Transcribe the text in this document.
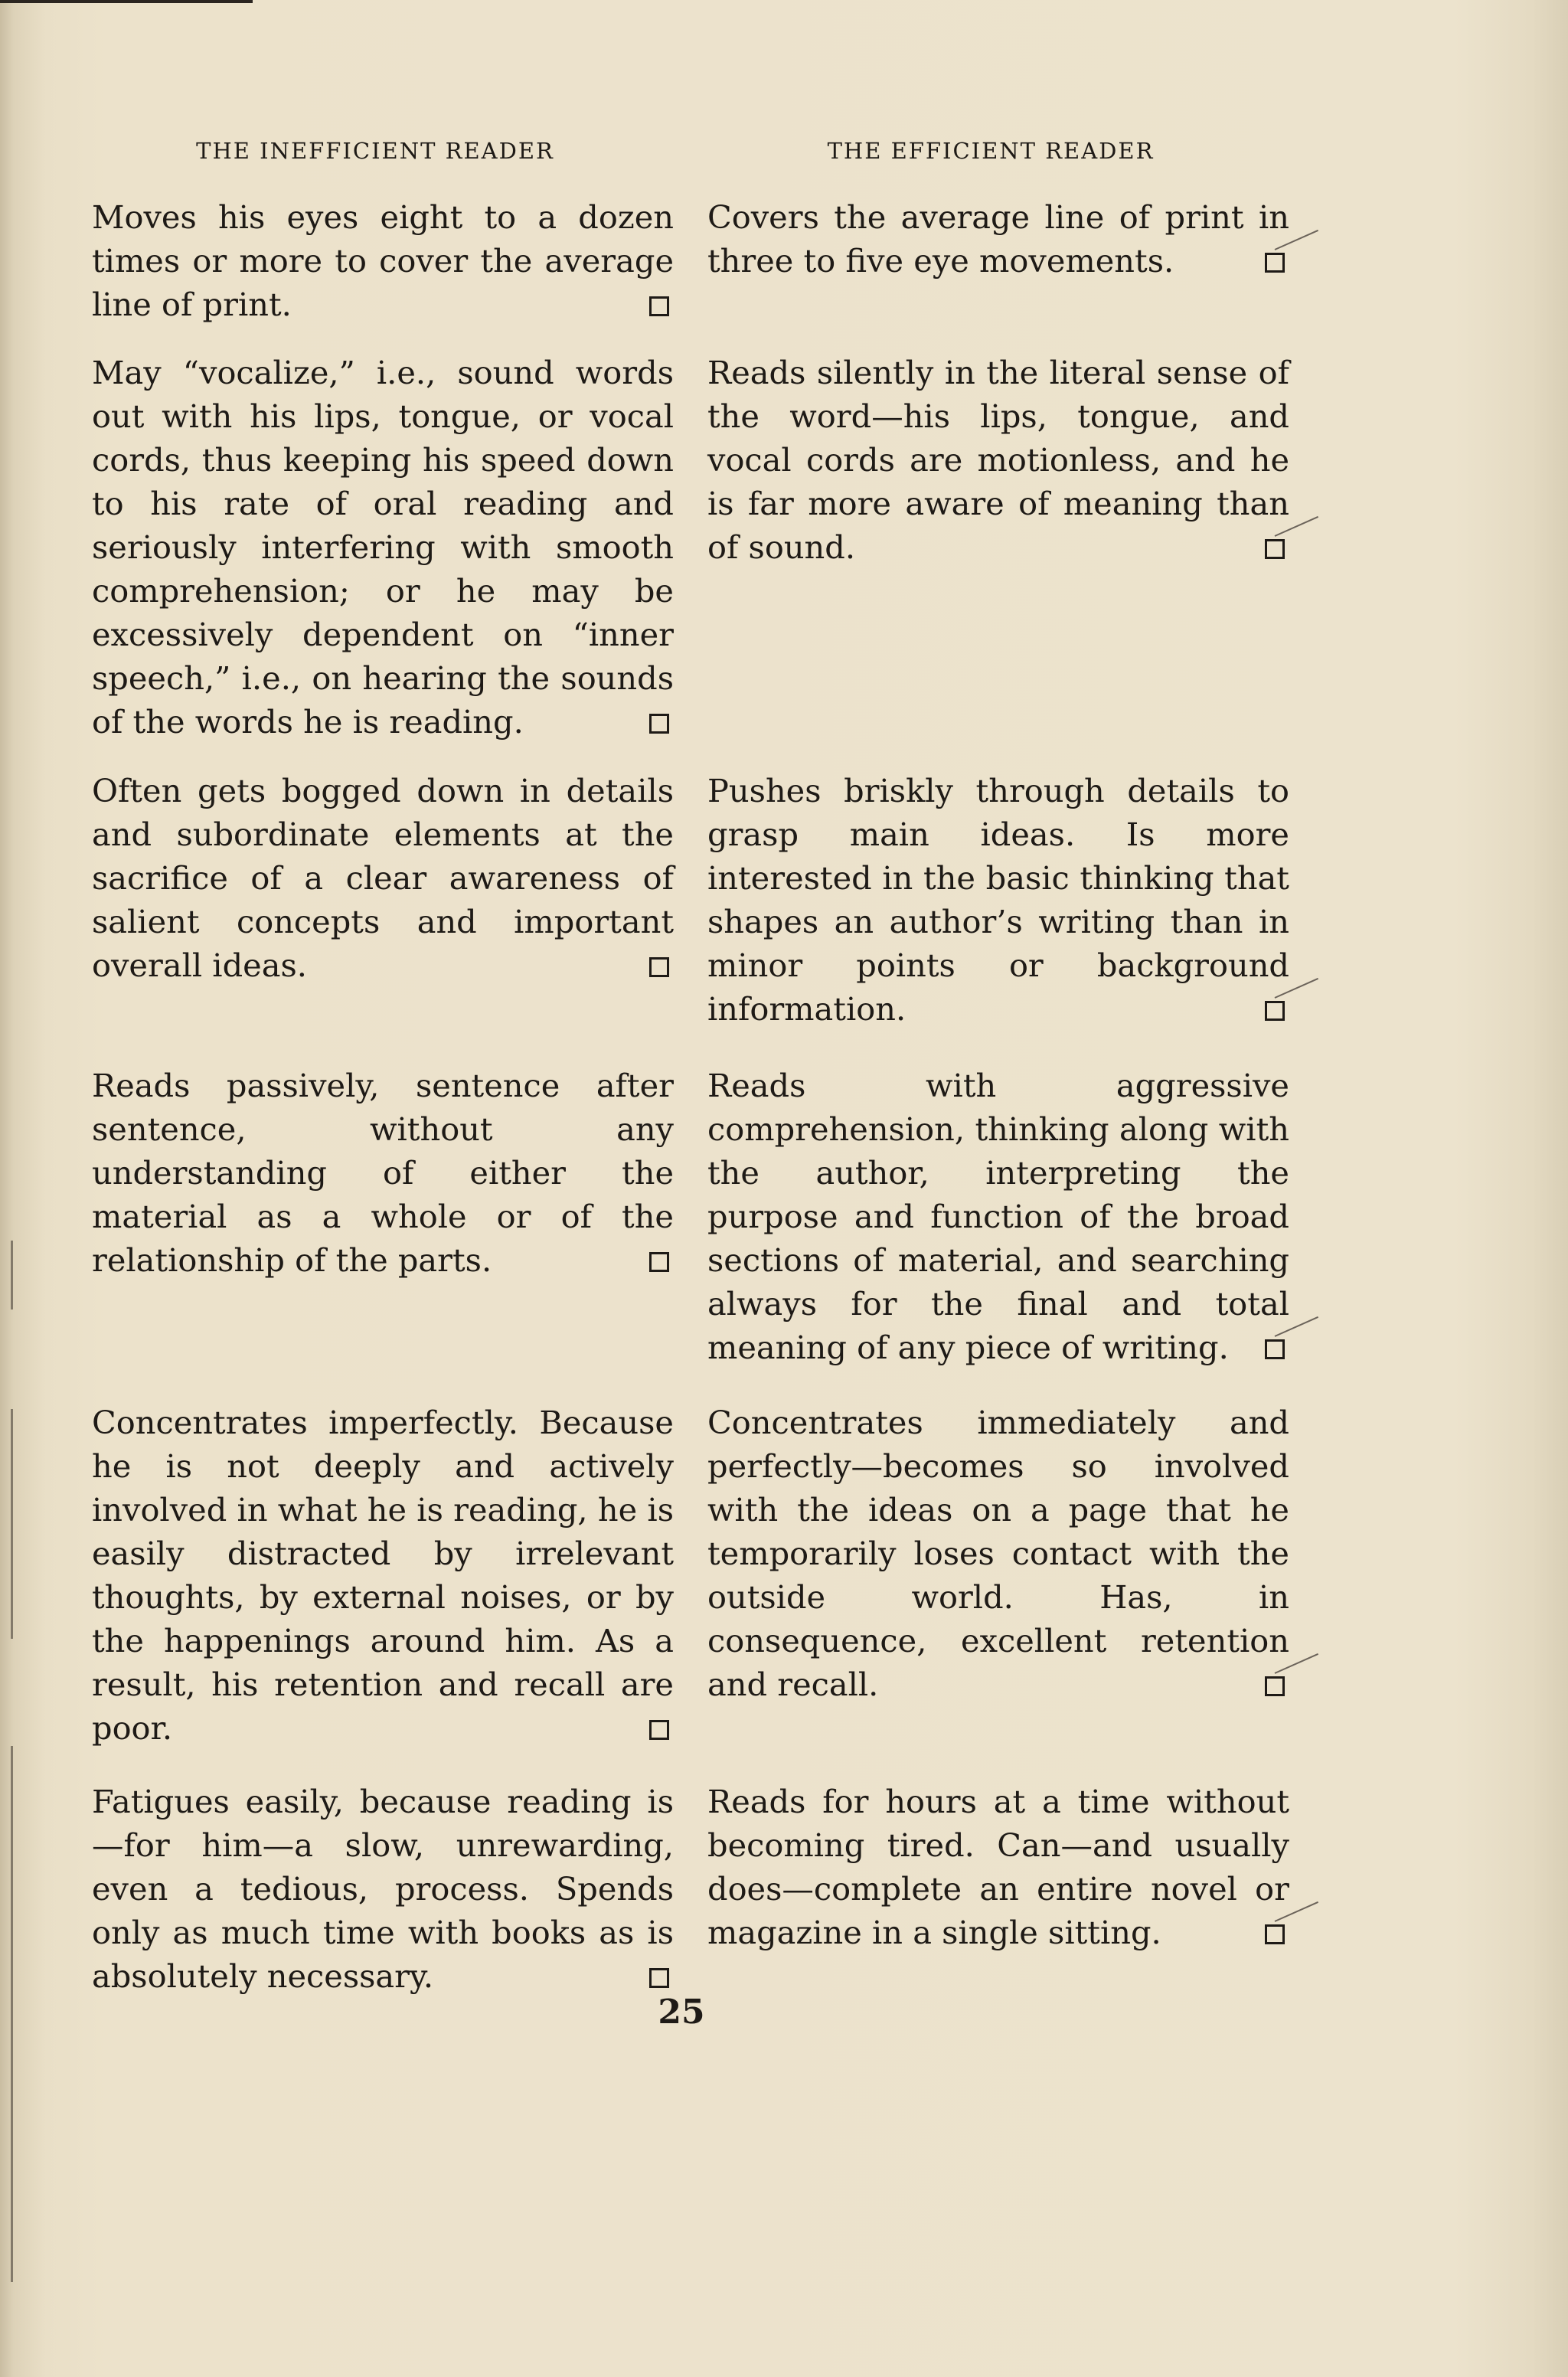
THE INEFFICIENT READER	THE EFFICIENT READER

Moves his eyes eight to a dozen times or more to cover the average line of print.

Covers the average line of print in three to five eye movements.

May “vocalize,” i.e., sound words out with his lips, tongue, or vocal cords, thus keeping his speed down to his rate of oral reading and seriously interfering with smooth comprehension; or he may be excessively dependent on “inner speech,” i.e., on hearing the sounds of the words he is reading.

Reads silently in the literal sense of the word—his lips, tongue, and vocal cords are motionless, and he is far more aware of meaning than of sound.

Often gets bogged down in details and subordinate elements at the sacrifice of a clear awareness of salient concepts and important overall ideas.

Pushes briskly through details to grasp main ideas. Is more interested in the basic thinking that shapes an author’s writing than in minor points or background information.

Reads passively, sentence after sentence, without any understanding of either the material as a whole or of the relationship of the parts.

Reads with aggressive comprehension, thinking along with the author, interpreting the purpose and function of the broad sections of material, and searching always for the final and total meaning of any piece of writing.

Concentrates imperfectly. Because he is not deeply and actively involved in what he is reading, he is easily distracted by irrelevant thoughts, by external noises, or by the happenings around him. As a result, his retention and recall are poor.

Concentrates immediately and perfectly—becomes so involved with the ideas on a page that he temporarily loses contact with the outside world. Has, in consequence, excellent retention and recall.

Fatigues easily, because reading is —for him—a slow, unrewarding, even a tedious, process. Spends only as much time with books as is absolutely necessary.

Reads for hours at a time without becoming tired. Can—and usually does—complete an entire novel or magazine in a single sitting.

25
